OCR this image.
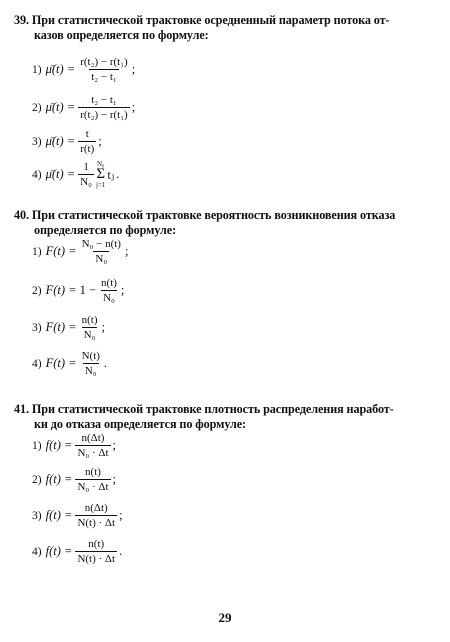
39. При статистической трактовке осредненный параметр потока от-
казов определяется по формуле:
1) μ̄(t) = $\frac{\text{r(t₂) − r(t₁)}}{\text{t₂ − t₁}}$ ;
2) μ̄(t) = $\frac{\text{t₂ − t₁}}{\text{r(t₂) − r(t₁)}}$ ;
3) μ̄(t) = $\frac{t}{r(t)}$ ;
4) μ̄(t) = $\frac{1}{\text{N₀}} N_0$
Σ
j=1
tⱼ .
40. При статистической трактовке вероятность возникновения отказа
определяется по формуле:
1) $F(t) = \frac{\text{N₀ − n(t)}}{\text{N₀}}$ ;
2) $F(t) = 1 - \frac{n(t)}{\text{N₀}}$ ;
3) $F(t) = \frac{n(t)}{\text{N₀}}$ ;
4) $F(t) = \frac{N(t)}{\text{N₀}}$ .
41. При статистической трактовке плотность распределения наработ-
ки до отказа определяется по формуле:
1) $f(t) = \frac{n(\Delta t)}{\text{N₀ · Δt}}$ ;
2) $f(t) = \frac{n(t)}{\text{N₀ · Δt}}$ ;
3) $f(t) = \frac{n(\Delta t)}{N(t) \cdot \Delta t}$ ;
4) $f(t) = \frac{n(t)}{N(t) \cdot \Delta t}$ .
29
